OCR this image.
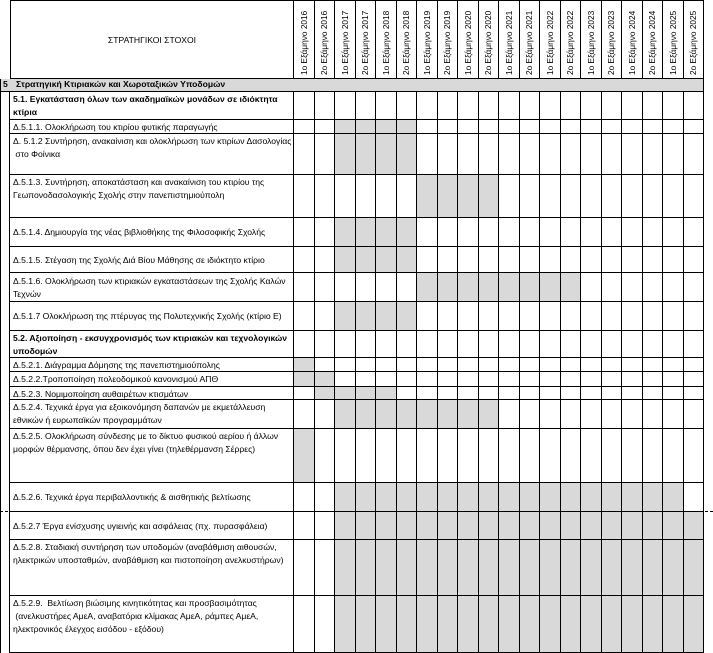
ΣΤΡΑΤΗΓΙΚΟΙ ΣΤΟΧΟΙ	1ο Εξάμηνο 2016 2ο Εξάμηνο 2016 1ο Εξάμηνο 2017 2ο Εξάμηνο 2017 1ο Εξάμηνο 2018 2ο Εξάμηνο 2018 1ο Εξάμηνο 2019 2ο Εξάμηνο 2019 1ο Εξάμηνο 2020 2ο Εξάμηνο 2020 1ο Εξάμηνο 2021 2ο Εξάμηνο 2021 1ο Εξάμηνο 2022 2ο Εξάμηνο 2022 1ο Εξάμηνο 2023 2ο Εξάμηνο 2023 1ο Εξάμηνο 2024 2ο Εξάμηνο 2024 1ο Εξάμηνο 2025 2ο Εξάμηνο 2025
5 Στρατηγική Κτιριακών και Χωροταξικών Υποδομών
5.1. Εγκατάσταση όλων των ακαδημαϊκών μονάδων σε ιδιόκτητα κτίρια
Δ.5.1.1. Ολοκλήρωση του κτιρίου φυτικής παραγωγής
Δ. 5.1.2 Συντήρηση, ανακαίνιση και ολοκλήρωση των κτιρίων Δασολογίας
στο Φοίνικα
Δ.5.1.3. Συντήρηση, αποκατάσταση και ανακαίνιση του κτιρίου της Γεωπονοδασολογικής Σχολής στην πανεπιστημιούπολη
Δ.5.1.4. Δημιουργία της νέας βιβλιοθήκης της Φιλοσοφικής Σχολής
Δ.5.1.5. Στέγαση της Σχολής Διά Βίου Μάθησης σε ιδιόκτητο κτίριο
Δ.5.1.6. Ολοκλήρωση των κτιριακών εγκαταστάσεων της Σχολής Καλών Τεχνών
Δ.5.1.7 Ολοκλήρωση της πτέρυγας της Πολυτεχνικής Σχολής (κτίριο Ε)
5.2. Αξιοποίηση - εκσυγχρονισμός των κτιριακών και τεχνολογικών υποδομών
Δ.5.2.1. Διάγραμμα Δόμησης της πανεπιστημιούπολης
Δ.5.2.2.Τροποποίηση πολεοδομικού κανονισμού ΑΠΘ
Δ.5.2.3. Νομιμοποίηση αυθαιρέτων κτισμάτων
Δ.5.2.4. Τεχνικά έργα για εξοικονόμηση δαπανών με εκμετάλλευση εθνικών ή ευρωπαϊκών προγραμμάτων
Δ.5.2.5. Ολοκλήρωση σύνδεσης με το δίκτυο φυσικού αερίου ή άλλων
μορφών θέρμανσης, όπου δεν έχει γίνει (τηλεθέρμανση Σέρρες)
Δ.5.2.6. Τεχνικά έργα περιβαλλοντικής & αισθητικής βελτίωσης
Δ.5.2.7 Έργα ενίσχυσης υγιεινής και ασφάλειας (πχ. πυρασφάλεια)
Δ.5.2.8. Σταδιακή συντήρηση των υποδομών (αναβάθμιση αιθουσών,
ηλεκτρικών υποσταθμών, αναβάθμιση και πιστοποίηση ανελκυστήρων)
Δ.5.2.9.  Βελτίωση βιώσιμης κινητικότητας και προσβασιμότητας
(ανελκυστήρες ΑμεΑ, αναβατόρια κλίμακας ΑμεΑ, ράμπες ΑμεΑ,
ηλεκτρονικός έλεγχος εισόδου - εξόδου)
